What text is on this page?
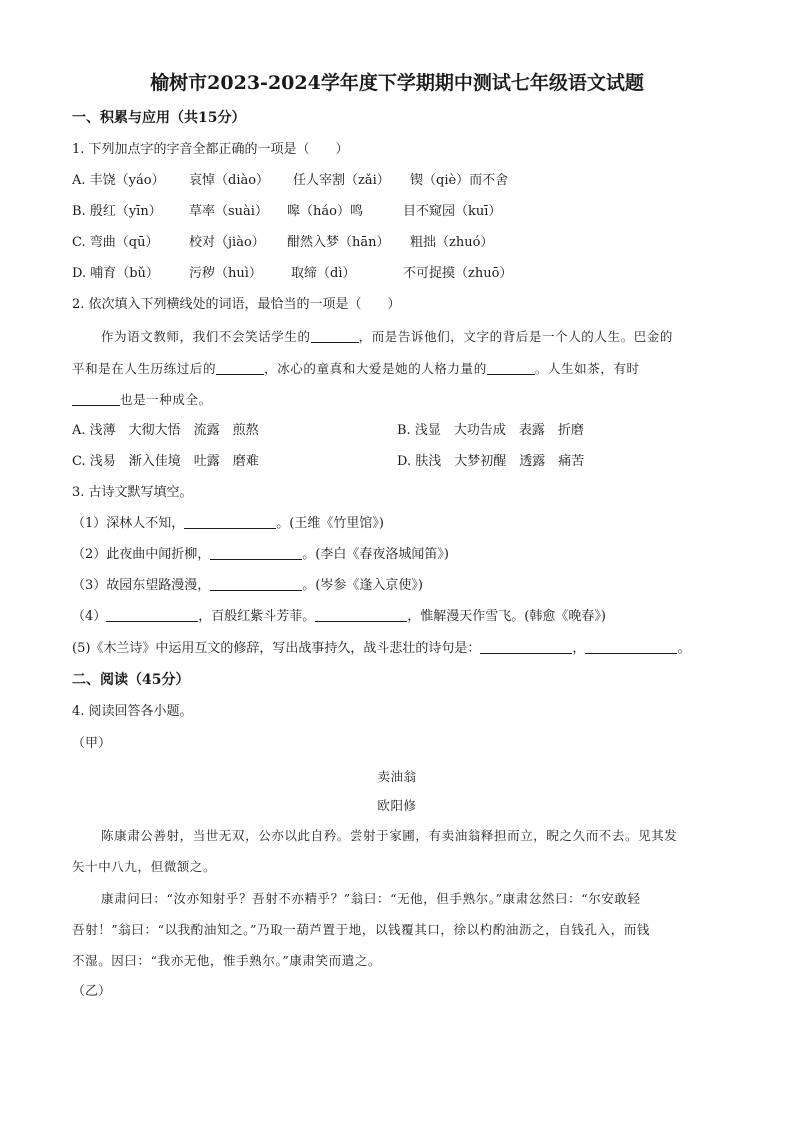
榆树市2023-2024学年度下学期期中测试七年级语文试题
一、积累与应用（共15分）
1. 下列加点字的字音全都正确的一项是（　　）
A. 丰饶（yáo） 哀悼（diào） 任人宰割（zǎi） 锲（qiè）而不舍
B. 殷红（yīn） 草率（suài） 嗥（háo）鸣	目不窥园（kuī）
C. 弯曲（qū） 校对（jiào） 酣然入梦（hān） 粗拙（zhuó）
D. 哺育（bǔ） 污秽（huì） 取缔（dì）	不可捉摸（zhuō）
2. 依次填入下列横线处的词语，最恰当的一项是（　　）
作为语文教师，我们不会笑话学生的	，而是告诉他们，文字的背后是一个人的人生。巴金的
平和是在人生历练过后的	，冰心的童真和大爱是她的人格力量的	。人生如茶，有时
也是一种成全。
A. 浅薄　大彻大悟　流露　煎熬	B. 浅显　大功告成　表露　折磨
C. 浅易　渐入佳境　吐露　磨难	D. 肤浅　大梦初醒　透露　痛苦
3. 古诗文默写填空。
（1）深林人不知，	。(王维《竹里馆》)
（2）此夜曲中闻折柳，	。(李白《春夜洛城闻笛》)
（3）故园东望路漫漫，	。(岑参《逢入京使》)
（4）	，百般红紫斗芳菲。	，惟解漫天作雪飞。(韩愈《晚春》)
(5)《木兰诗》中运用互文的修辞，写出战事持久，战斗悲壮的诗句是：	，	。
二、阅读（45分）
4. 阅读回答各小题。
（甲）
卖油翁
欧阳修
陈康肃公善射，当世无双，公亦以此自矜。尝射于家圃，有卖油翁释担而立，睨之久而不去。见其发
矢十中八九，但微颔之。
康肃问曰：“汝亦知射乎？吾射不亦精乎？”翁曰：“无他，但手熟尔。”康肃忿然曰：“尔安敢轻
吾射！”翁曰：“以我酌油知之。”乃取一葫芦置于地，以钱覆其口，徐以杓酌油沥之，自钱孔入，而钱
不湿。因曰：“我亦无他，惟手熟尔。”康肃笑而遣之。
（乙）
